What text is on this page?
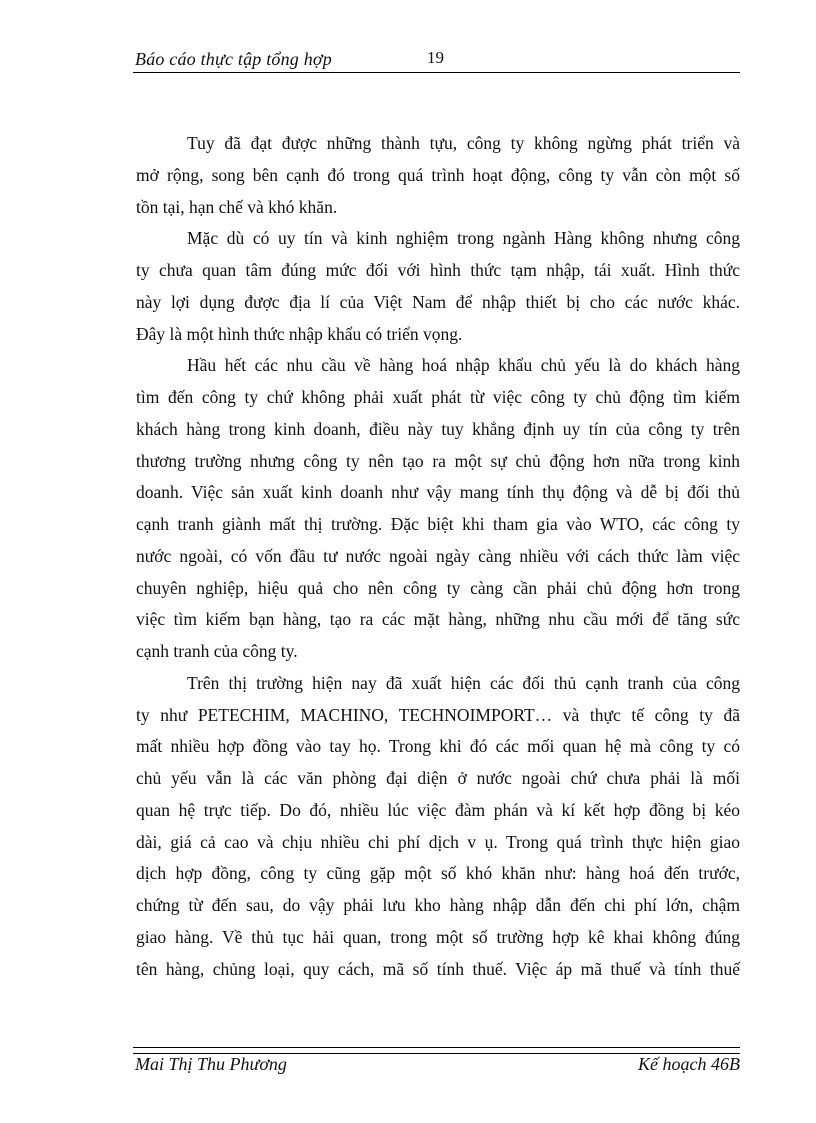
Báo cáo thực tập tổng hợp	19
Tuy đã đạt được những thành tựu, công ty không ngừng phát triển và
mở rộng, song bên cạnh đó trong quá trình hoạt động, công ty vẫn còn một số
tồn tại, hạn chế và khó khăn.
Mặc dù có uy tín và kinh nghiệm trong ngành Hàng không nhưng công
ty chưa quan tâm đúng mức đối với hình thức tạm nhập, tái xuất. Hình thức
này lợi dụng được địa lí của Việt Nam để nhập thiết bị cho các nước khác.
Đây là một hình thức nhập khẩu có triển vọng.
Hầu hết các nhu cầu về hàng hoá nhập khẩu chủ yếu là do khách hàng
tìm đến công ty chứ không phải xuất phát từ việc công ty chủ động tìm kiếm
khách hàng trong kinh doanh, điều này tuy khẳng định uy tín của công ty trên
thương trường nhưng công ty nên tạo ra một sự chủ động hơn nữa trong kinh
doanh. Việc sản xuất kinh doanh như vậy mang tính thụ động và dễ bị đối thủ
cạnh tranh giành mất thị trường. Đặc biệt khi tham gia vào WTO, các công ty
nước ngoài, có vốn đầu tư nước ngoài ngày càng nhiều với cách thức làm việc
chuyên nghiệp, hiệu quả cho nên công ty càng cần phải chủ động hơn trong
việc tìm kiếm bạn hàng, tạo ra các mặt hàng, những nhu cầu mới để tăng sức
cạnh tranh của công ty.
Trên thị trường hiện nay đã xuất hiện các đối thủ cạnh tranh của công
ty như PETECHIM, MACHINO, TECHNOIMPORT… và thực tế công ty đã
mất nhiều hợp đồng vào tay họ. Trong khi đó các mối quan hệ mà công ty có
chủ yếu vẫn là các văn phòng đại diện ở nước ngoài chứ chưa phải là mối
quan hệ trực tiếp. Do đó, nhiều lúc việc đàm phán và kí kết hợp đồng bị kéo
dài, giá cả cao và chịu nhiều chi phí dịch v ụ. Trong quá trình thực hiện giao
dịch hợp đồng, công ty cũng gặp một số khó khăn như: hàng hoá đến trước,
chứng từ đến sau, do vậy phải lưu kho hàng nhập dẫn đến chi phí lớn, chậm
giao hàng. Về thủ tục hải quan, trong một số trường hợp kê khai không đúng
tên hàng, chủng loại, quy cách, mã số tính thuế. Việc áp mã thuế và tính thuế
Mai Thị Thu Phương	Kế hoạch 46B
